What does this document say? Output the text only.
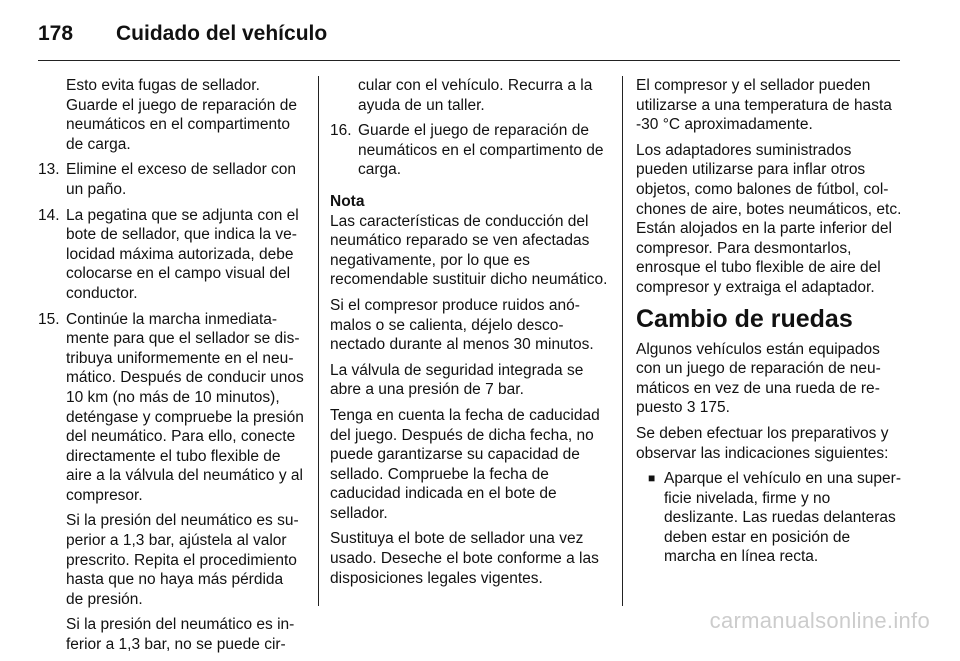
178 Cuidado del vehículo

Esto evita fugas de sellador. Guarde el juego de reparación de neumáticos en el compartimento de carga.

13. Elimine el exceso de sellador con un paño.
14. La pegatina que se adjunta con el bote de sellador, que indica la velocidad máxima autorizada, debe colocarse en el campo visual del conductor.
15. Continúe la marcha inmediatamente para que el sellador se distribuya uniformemente en el neumático. Después de conducir unos 10 km (no más de 10 minutos), deténgase y compruebe la presión del neumático. Para ello, conecte directamente el tubo flexible de aire a la válvula del neumático y al compresor.

Si la presión del neumático es superior a 1,3 bar, ajústela al valor prescrito. Repita el procedimiento hasta que no haya más pérdida de presión.

Si la presión del neumático es inferior a 1,3 bar, no se puede cir-

cular con el vehículo. Recurra a la ayuda de un taller.

16. Guarde el juego de reparación de neumáticos en el compartimento de carga.
Nota

Las características de conducción del neumático reparado se ven afectadas negativamente, por lo que es recomendable sustituir dicho neumático.

Si el compresor produce ruidos anómalos o se calienta, déjelo desconectado durante al menos 30 minutos.

La válvula de seguridad integrada se abre a una presión de 7 bar.

Tenga en cuenta la fecha de caducidad del juego. Después de dicha fecha, no puede garantizarse su capacidad de sellado. Compruebe la fecha de caducidad indicada en el bote de sellador.

Sustituya el bote de sellador una vez usado. Deseche el bote conforme a las disposiciones legales vigentes.

El compresor y el sellador pueden utilizarse a una temperatura de hasta -30 °C aproximadamente.

Los adaptadores suministrados pueden utilizarse para inflar otros objetos, como balones de fútbol, colchones de aire, botes neumáticos, etc. Están alojados en la parte inferior del compresor. Para desmontarlos, enrosque el tubo flexible de aire del compresor y extraiga el adaptador.

Cambio de ruedas

Algunos vehículos están equipados con un juego de reparación de neumáticos en vez de una rueda de repuesto 3 175.

Se deben efectuar los preparativos y observar las indicaciones siguientes:

■ Aparque el vehículo en una superficie nivelada, firme y no deslizante. Las ruedas delanteras deben estar en posición de marcha en línea recta.
carmanualsonline.info
